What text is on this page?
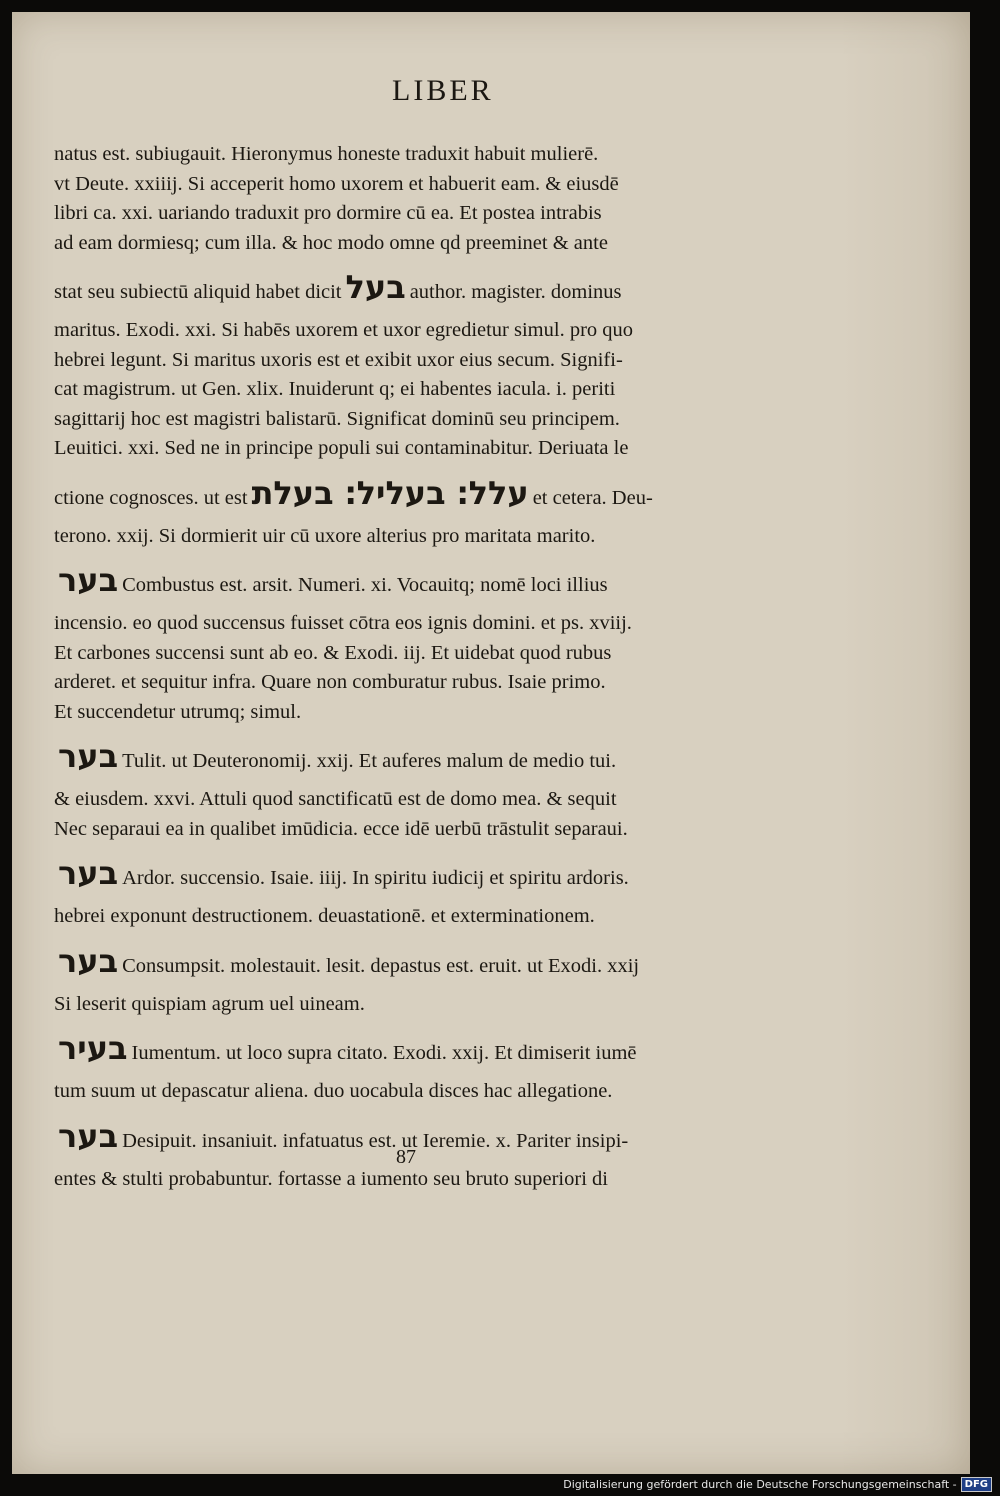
LIBER
natus est. subiugauit. Hieronymus honeste traduxit habuit mulierē.
vt Deute. xxiiij. Si acceperit homo uxorem et habuerit eam. & eiusdē
libri ca. xxi. uariando traduxit pro dormire cū ea. Et postea intrabis
ad eam dormiesq; cum illa. & hoc modo omne qd preeminet & ante
stat seu subiectū aliquid habet dicit בעל author. magister. dominus
maritus. Exodi. xxi. Si habēs uxorem et uxor egredietur simul. pro quo
hebrei legunt. Si maritus uxoris est et exibit uxor eius secum. Signifi-
cat magistrum. ut Gen. xlix. Inuiderunt q; ei habentes iacula. i. periti
sagittarij hoc est magistri balistarū. Significat dominū seu principem.
Leuitici. xxi. Sed ne in principe populi sui contaminabitur. Deriuata le
ctione cognosces. ut est עלל׃ בעליל׃ בעלת et cetera. Deu-
terono. xxij. Si dormierit uir cū uxore alterius pro maritata marito.
בער Combustus est. arsit. Numeri. xi. Vocauitq; nomē loci illius
incensio. eo quod succensus fuisset cōtra eos ignis domini. et ps. xviij.
Et carbones succensi sunt ab eo. & Exodi. iij. Et uidebat quod rubus
arderet. et sequitur infra. Quare non comburatur rubus. Isaie primo.
Et succendetur utrumq; simul.
בער Tulit. ut Deuteronomij. xxij. Et auferes malum de medio tui.
& eiusdem. xxvi. Attuli quod sanctificatū est de domo mea. & sequit
Nec separaui ea in qualibet imūdicia. ecce idē uerbū trāstulit separaui.
בער Ardor. succensio. Isaie. iiij. In spiritu iudicij et spiritu ardoris.
hebrei exponunt destructionem. deuastationē. et exterminationem.
בער Consumpsit. molestauit. lesit. depastus est. eruit. ut Exodi. xxij
Si leserit quispiam agrum uel uineam.
בעיר Iumentum. ut loco supra citato. Exodi. xxij. Et dimiserit iumē
tum suum ut depascatur aliena. duo uocabula disces hac allegatione.
בער Desipuit. insaniuit. infatuatus est. ut Ieremie. x. Pariter insipi-
entes & stulti probabuntur. fortasse a iumento seu bruto superiori di
87
Digitalisierung gefördert durch die Deutsche Forschungsgemeinschaft - DFG
